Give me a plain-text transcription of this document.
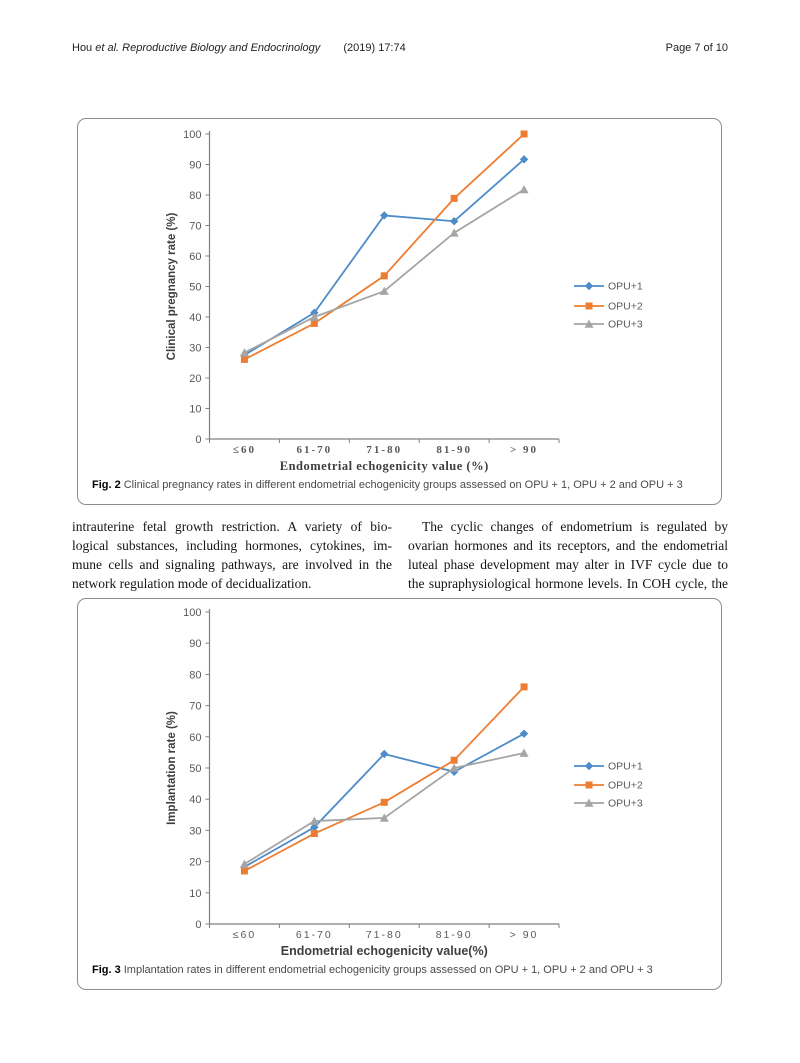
Hou et al. Reproductive Biology and Endocrinology (2019) 17:74	Page 7 of 10
0
10
20
30
40
50
60
70
80
90
100
≤60	61-70	71-80	81-90	> 90
Clinical pregnancy rate (%)
Endometrial echogenicity value (%)
OPU+1
OPU+2
OPU+3
Fig. 2 Clinical pregnancy rates in different endometrial echogenicity groups assessed on OPU + 1, OPU + 2 and OPU + 3
intrauterine fetal growth restriction. A variety of bio-
logical substances, including hormones, cytokines, im-
mune cells and signaling pathways, are involved in the
network regulation mode of decidualization.
The cyclic changes of endometrium is regulated by
ovarian hormones and its receptors, and the endometrial
luteal phase development may alter in IVF cycle due to
the supraphysiological hormone levels. In COH cycle, the
0
10
20
30
40
50
60
70
80
90
100
≤60	61-70	71-80	81-90	> 90
Implantation rate (%)
Endometrial echogenicity value(%)
OPU+1
OPU+2
OPU+3
Fig. 3 Implantation rates in different endometrial echogenicity groups assessed on OPU + 1, OPU + 2 and OPU + 3
